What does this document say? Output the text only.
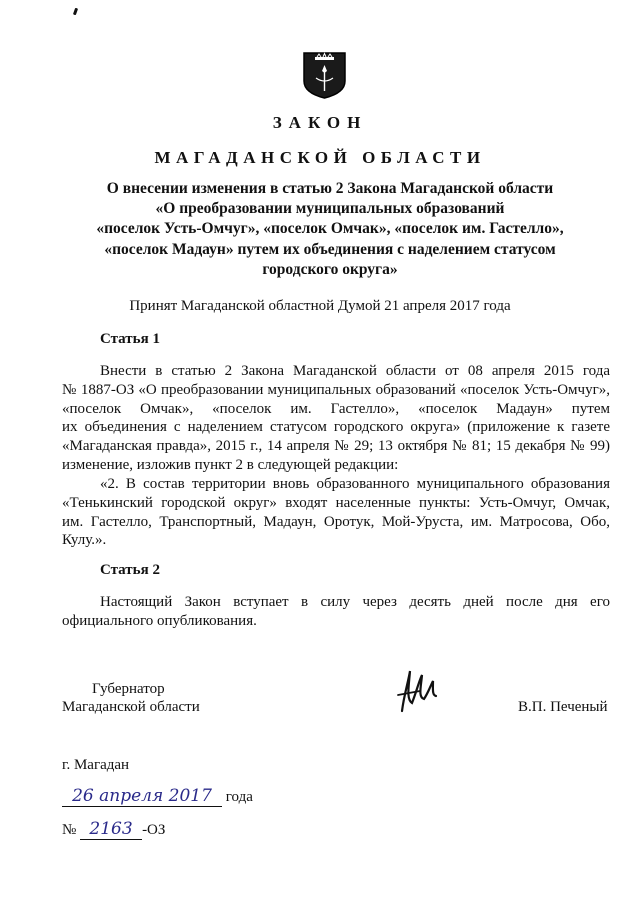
ЗАКОН
МАГАДАНСКОЙ ОБЛАСТИ
О внесении изменения в статью 2 Закона Магаданской области
«О преобразовании муниципальных образований
«поселок Усть-Омчуг», «поселок Омчак», «поселок им. Гастелло»,
«поселок Мадаун» путем их объединения с наделением статусом
городского округа»
Принят Магаданской областной Думой 21 апреля 2017 года
Статья 1
Внести в статью 2 Закона Магаданской области от 08 апреля 2015 года
№ 1887-ОЗ «О преобразовании муниципальных образований «поселок Усть-Омчуг»,
«поселок Омчак», «поселок им. Гастелло», «поселок Мадаун» путем
их объединения с наделением статусом городского округа» (приложение к газете
«Магаданская правда», 2015 г., 14 апреля № 29; 13 октября № 81; 15 декабря № 99)
изменение, изложив пункт 2 в следующей редакции:
«2. В состав территории вновь образованного муниципального образования
«Тенькинский городской округ» входят населенные пункты: Усть-Омчуг, Омчак,
им. Гастелло, Транспортный, Мадаун, Оротук, Мой-Уруста, им. Матросова, Обо,
Кулу.».
Статья 2
Настоящий Закон вступает в силу через десять дней после дня его
официального опубликования.
Губернатор
Магаданской области	В.П. Печеный
г. Магадан
26 апреля 2017 года
№ 2163 -ОЗ
